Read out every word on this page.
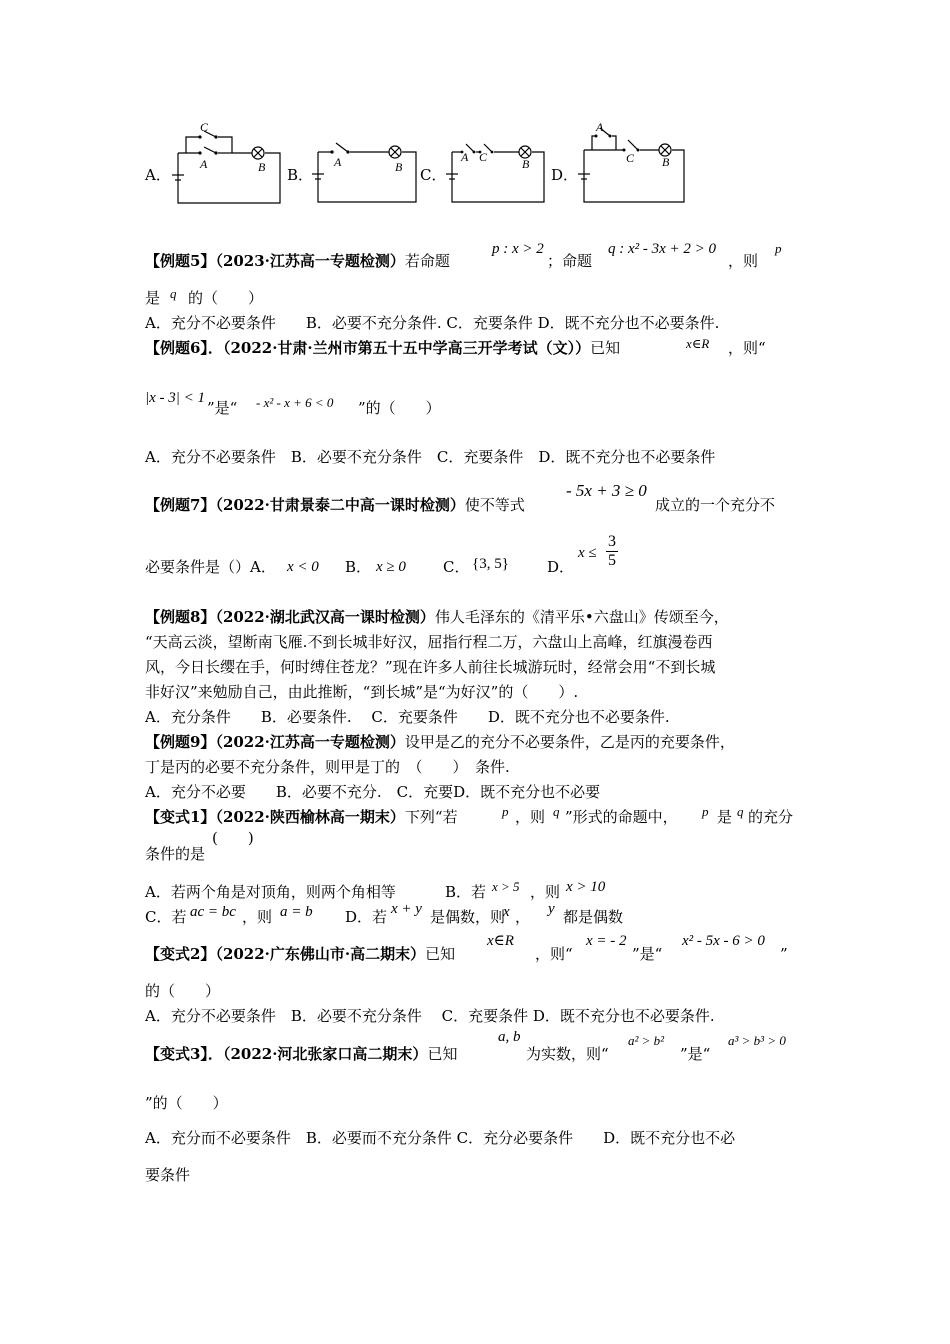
A．
C
A	B B．
A	B C．
A C	B
D．
A
C B
【例题5】（2023·江苏高一专题检测）若命题
p : x > 2
；命题
q : x² - 3x + 2 > 0
，则
p
是 q 的（　　）
A．充分不必要条件　　B．必要不充分条件. C．充要条件 D．既不充分也不必要条件.
【例题6】．（2022·甘肃·兰州市第五十五中学高三开学考试（文））已知	x∈R ，则“
|x - 3| < 1
”是“ - x² - x + 6 < 0 ”的（　　）
A．充分不必要条件　B．必要不充分条件　C．充要条件　D．既不充分也不必要条件
【例题7】（2022·甘肃景泰二中高一课时检测）使不等式
- 5x + 3 ≥ 0
成立的一个充分不
必要条件是（）A． x < 0 B． x ≥ 0 C． {3, 5}	D．
$x \le \frac{3}{5}$
【例题8】（2022·湖北武汉高一课时检测）伟人毛泽东的《清平乐•六盘山》传颂至今，
“天高云淡，望断南飞雁.不到长城非好汉，屈指行程二万，六盘山上高峰，红旗漫卷西
风，今日长缨在手，何时缚住苍龙？”现在许多人前往长城游玩时，经常会用“不到长城
非好汉”来勉励自己，由此推断，“到长城”是“为好汉”的（　　）.
A．充分条件　　B．必要条件.　 C．充要条件　　D．既不充分也不必要条件.
【例题9】（2022·江苏高一专题检测）设甲是乙的充分不必要条件，乙是丙的充要条件，
丁是丙的必要不充分条件，则甲是丁的　（　　）　条件.
A．充分不必要　　B．必要不充分.　C．充要D．既不充分也不必要
【变式1】（2022·陕西榆林高一期末）下列“若	p ，则 q ”形式的命题中， p 是 q 的充分
条件的是
(　　)
A．若两个角是对顶角，则两个角相等	B．若 x > 5 ，则 x > 10
C．若 ac = bc ，则 a = b D．若 x + y 是偶数，则
x ， y 都是偶数
【变式2】（2022·广东佛山市·高二期末）已知
x∈R
，则“
x = - 2
”是“
x² - 5x - 6 > 0
”
的（　　）
A．充分不必要条件　B．必要不充分条件　 C．充要条件 D．既不充分也不必要条件.
【变式3】．（2022·河北张家口高二期末）已知
a, b
为实数，则“
a² > b²
”是“
a³ > b³ > 0
”的（　　）
A．充分而不必要条件　B．必要而不充分条件 C．充分必要条件　　D．既不充分也不必
要条件
